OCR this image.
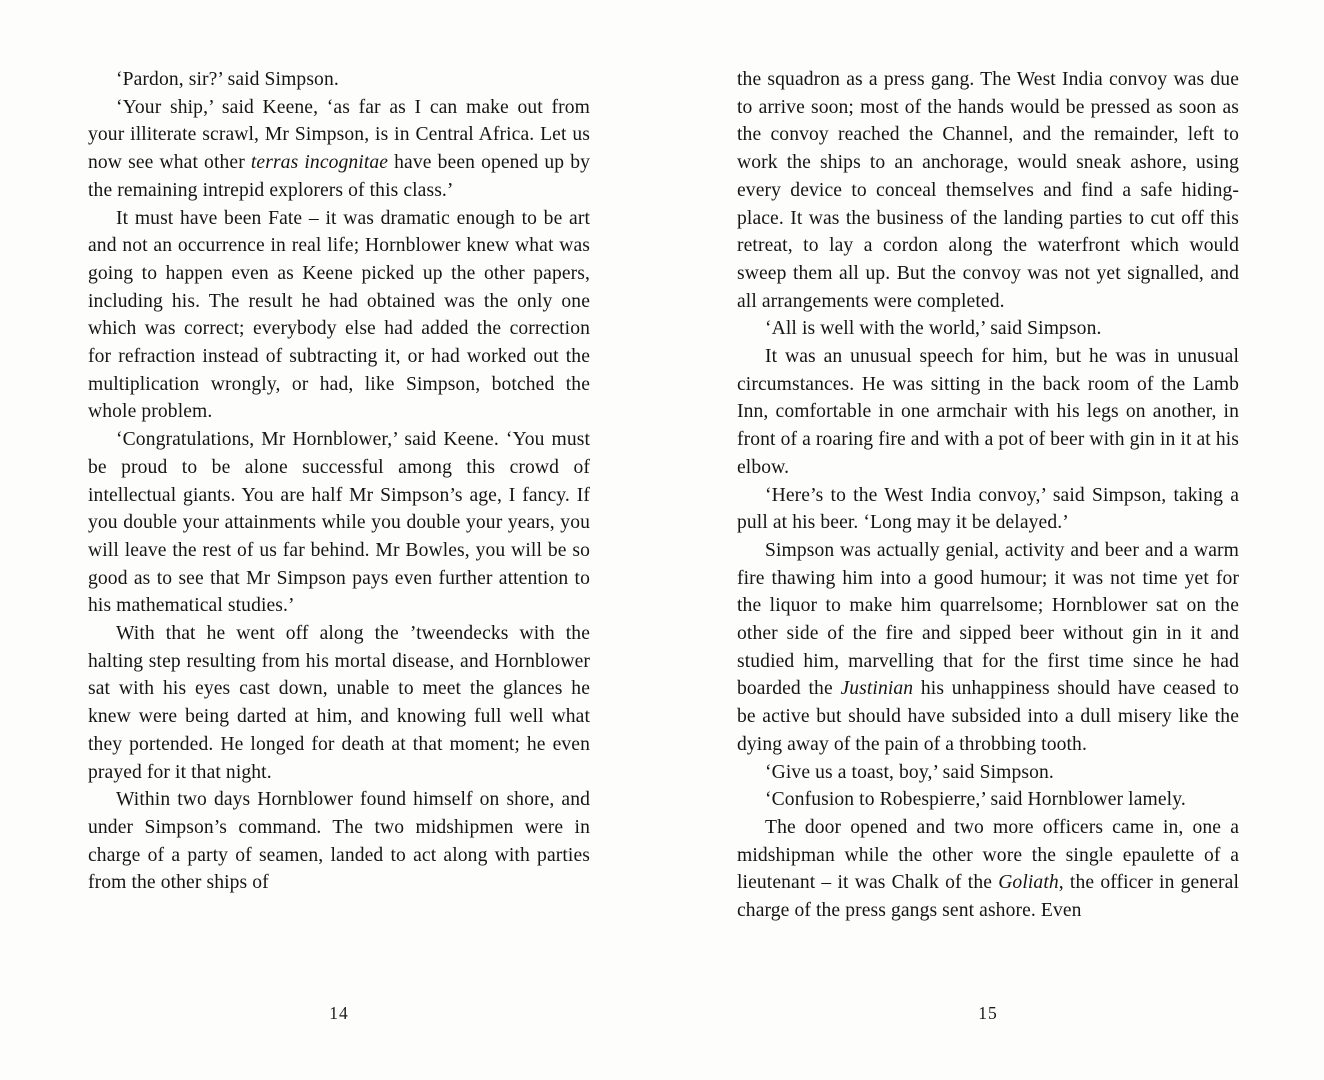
‘Pardon, sir?’ said Simpson.

‘Your ship,’ said Keene, ‘as far as I can make out from your illiterate scrawl, Mr Simpson, is in Central Africa. Let us now see what other terras incognitae have been opened up by the remaining intrepid explorers of this class.’

It must have been Fate – it was dramatic enough to be art and not an occurrence in real life; Hornblower knew what was going to happen even as Keene picked up the other papers, including his. The result he had obtained was the only one which was correct; everybody else had added the correction for refraction instead of subtracting it, or had worked out the multiplication wrongly, or had, like Simpson, botched the whole problem.

‘Congratulations, Mr Hornblower,’ said Keene. ‘You must be proud to be alone successful among this crowd of intellectual giants. You are half Mr Simpson’s age, I fancy. If you double your attainments while you double your years, you will leave the rest of us far behind. Mr Bowles, you will be so good as to see that Mr Simpson pays even further attention to his mathematical studies.’

With that he went off along the ’tweendecks with the halting step resulting from his mortal disease, and Hornblower sat with his eyes cast down, unable to meet the glances he knew were being darted at him, and knowing full well what they portended. He longed for death at that moment; he even prayed for it that night.

Within two days Hornblower found himself on shore, and under Simpson’s command. The two midshipmen were in charge of a party of seamen, landed to act along with parties from the other ships of

14

the squadron as a press gang. The West India convoy was due to arrive soon; most of the hands would be pressed as soon as the convoy reached the Channel, and the remainder, left to work the ships to an anchorage, would sneak ashore, using every device to conceal themselves and find a safe hiding-place. It was the business of the landing parties to cut off this retreat, to lay a cordon along the waterfront which would sweep them all up. But the convoy was not yet signalled, and all arrangements were completed.

‘All is well with the world,’ said Simpson.

It was an unusual speech for him, but he was in unusual circumstances. He was sitting in the back room of the Lamb Inn, comfortable in one armchair with his legs on another, in front of a roaring fire and with a pot of beer with gin in it at his elbow.

‘Here’s to the West India convoy,’ said Simpson, taking a pull at his beer. ‘Long may it be delayed.’

Simpson was actually genial, activity and beer and a warm fire thawing him into a good humour; it was not time yet for the liquor to make him quarrelsome; Hornblower sat on the other side of the fire and sipped beer without gin in it and studied him, marvelling that for the first time since he had boarded the Justinian his unhappiness should have ceased to be active but should have subsided into a dull misery like the dying away of the pain of a throbbing tooth.

‘Give us a toast, boy,’ said Simpson.

‘Confusion to Robespierre,’ said Hornblower lamely.

The door opened and two more officers came in, one a midshipman while the other wore the single epaulette of a lieutenant – it was Chalk of the Goliath, the officer in general charge of the press gangs sent ashore. Even

15
